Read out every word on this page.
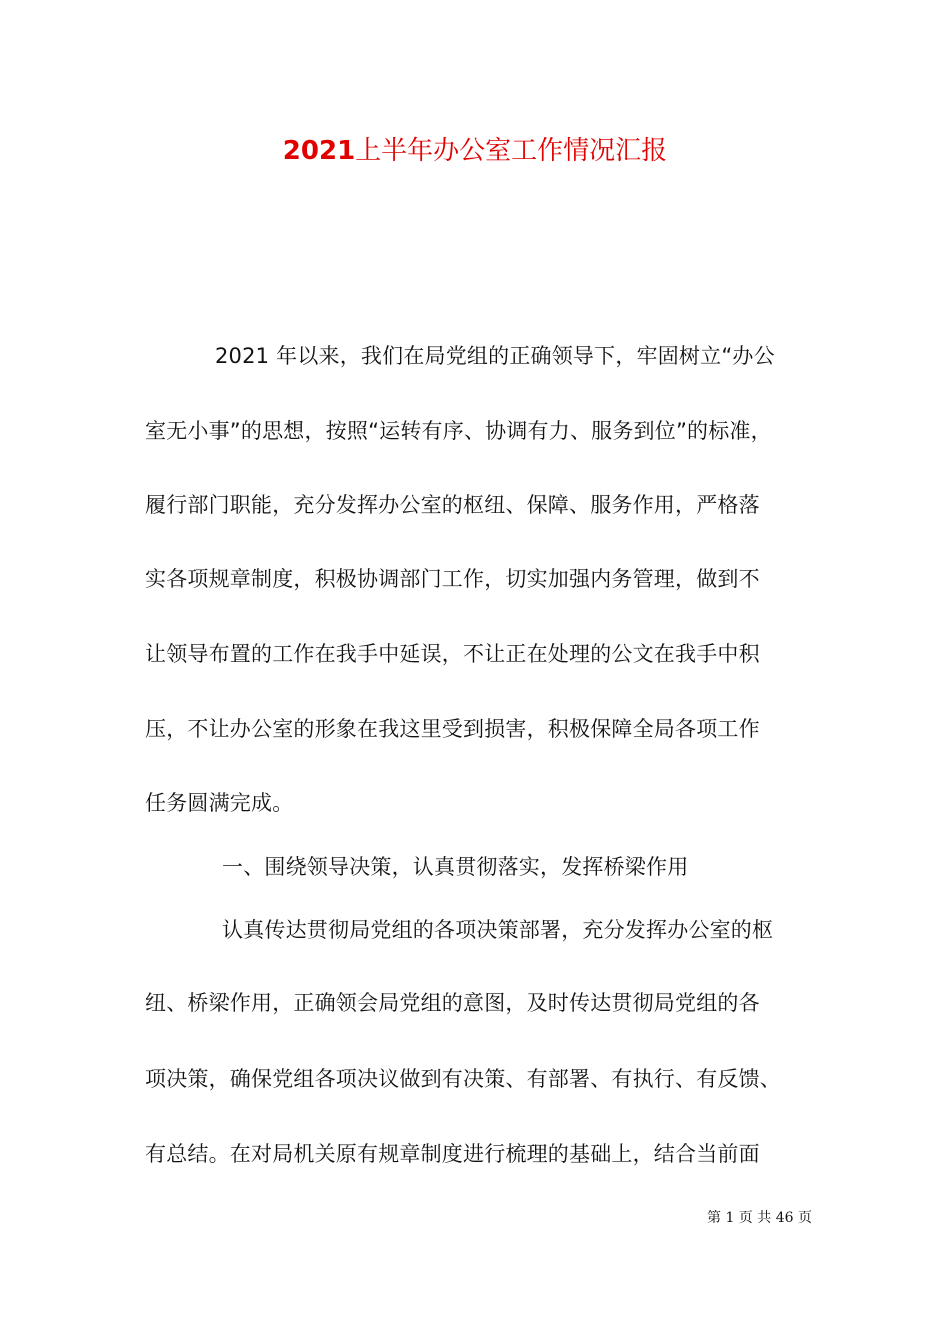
2021上半年办公室工作情况汇报
2021 年以来，我们在局党组的正确领导下，牢固树立“办公
室无小事”的思想，按照“运转有序、协调有力、服务到位”的标准，
履行部门职能，充分发挥办公室的枢纽、保障、服务作用，严格落
实各项规章制度，积极协调部门工作，切实加强内务管理，做到不
让领导布置的工作在我手中延误，不让正在处理的公文在我手中积
压，不让办公室的形象在我这里受到损害，积极保障全局各项工作
任务圆满完成。
一、围绕领导决策，认真贯彻落实，发挥桥梁作用
认真传达贯彻局党组的各项决策部署，充分发挥办公室的枢
纽、桥梁作用，正确领会局党组的意图，及时传达贯彻局党组的各
项决策，确保党组各项决议做到有决策、有部署、有执行、有反馈、
有总结。在对局机关原有规章制度进行梳理的基础上，结合当前面
第 1 页 共 46 页
